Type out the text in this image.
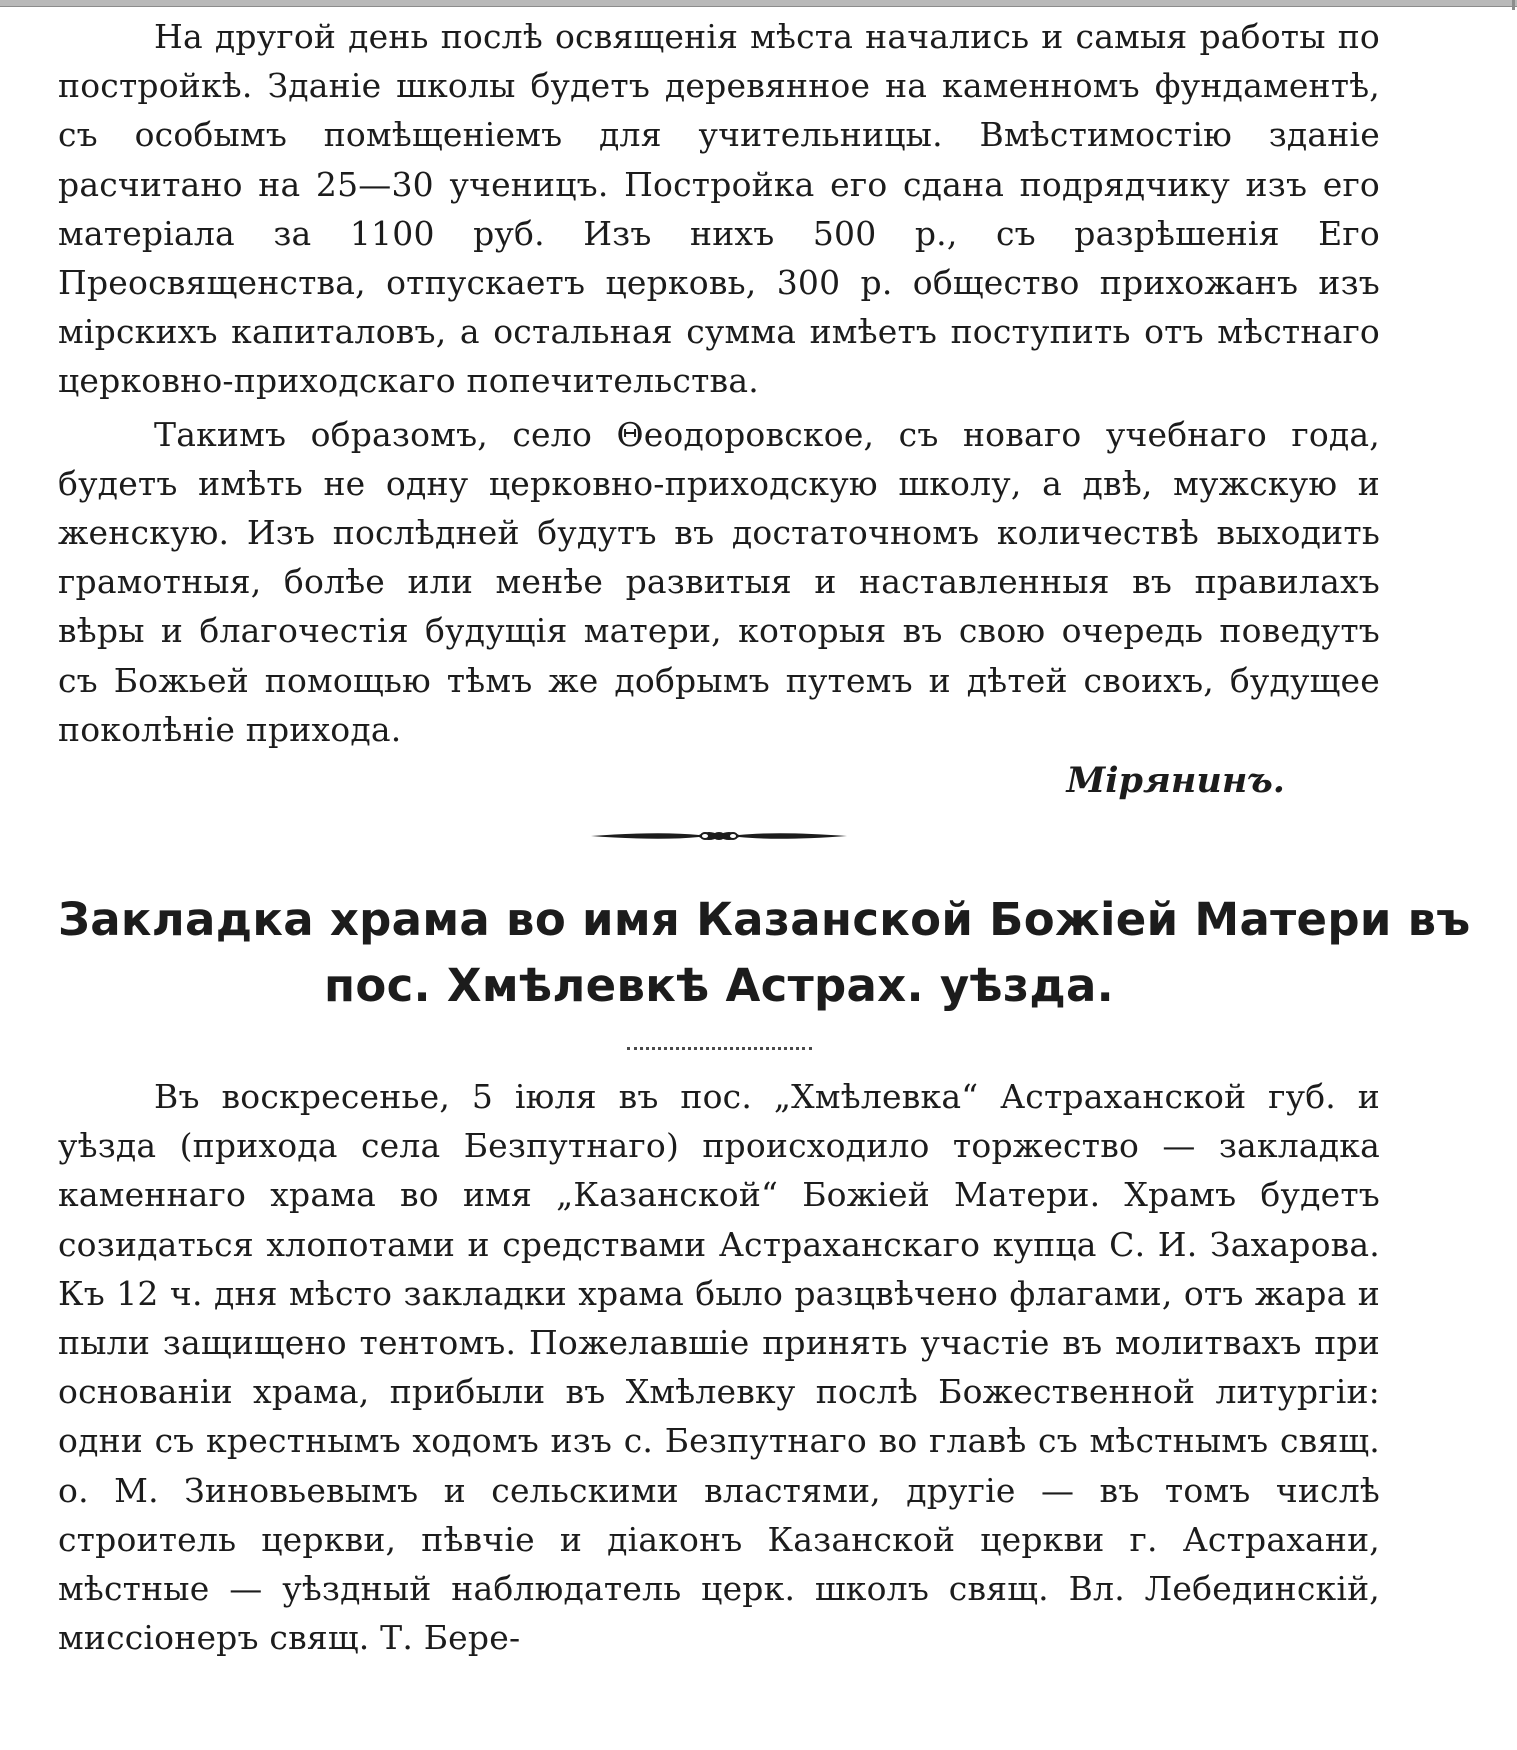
На другой день послѣ освященія мѣста начались и самыя работы по постройкѣ. Зданіе школы будетъ деревянное на каменномъ фундаментѣ, съ особымъ помѣщеніемъ для учительницы. Вмѣстимостію зданіе расчитано на 25—30 ученицъ. Постройка его сдана подрядчику изъ его матеріала за 1100 руб. Изъ нихъ 500 р., съ разрѣшенія Его Преосвященства, отпускаетъ церковь, 300 р. общество прихожанъ изъ мірскихъ капиталовъ, а остальная сумма имѣетъ поступить отъ мѣстнаго церковно-приходскаго попечительства.

Такимъ образомъ, село Θеодоровское, съ новаго учебнаго года, будетъ имѣть не одну церковно-приходскую школу, а двѣ, мужскую и женскую. Изъ послѣдней будутъ въ достаточномъ количествѣ выходить грамотныя, болѣе или менѣе развитыя и наставленныя въ правилахъ вѣры и благочестія будущія матери, которыя въ свою очередь поведутъ съ Божьей помощью тѣмъ же добрымъ путемъ и дѣтей своихъ, будущее поколѣніе прихода.

Мірянинъ.
Закладка храма во имя Казанской Божіей Матери въ
пос. Хмѣлевкѣ Астрах. уѣзда.

Въ воскресенье, 5 іюля въ пос. „Хмѣлевка“ Астраханской губ. и уѣзда (прихода села Безпутнаго) происходило торжество — закладка каменнаго храма во имя „Казанской“ Божіей Матери. Храмъ будетъ созидаться хлопотами и средствами Астраханскаго купца С. И. Захарова. Къ 12 ч. дня мѣсто закладки храма было разцвѣчено флагами, отъ жара и пыли защищено тентомъ. Пожелавшіе принять участіе въ молитвахъ при основаніи храма, прибыли въ Хмѣлевку послѣ Божественной литургіи: одни съ крестнымъ ходомъ изъ с. Безпутнаго во главѣ съ мѣстнымъ свящ. о. М. Зиновьевымъ и сельскими властями, другіе — въ томъ числѣ строитель церкви, пѣвчіе и діаконъ Казанской церкви г. Астрахани, мѣстные — уѣздный наблюдатель церк. школъ свящ. Вл. Лебединскій, миссіонеръ свящ. Т. Бере-
